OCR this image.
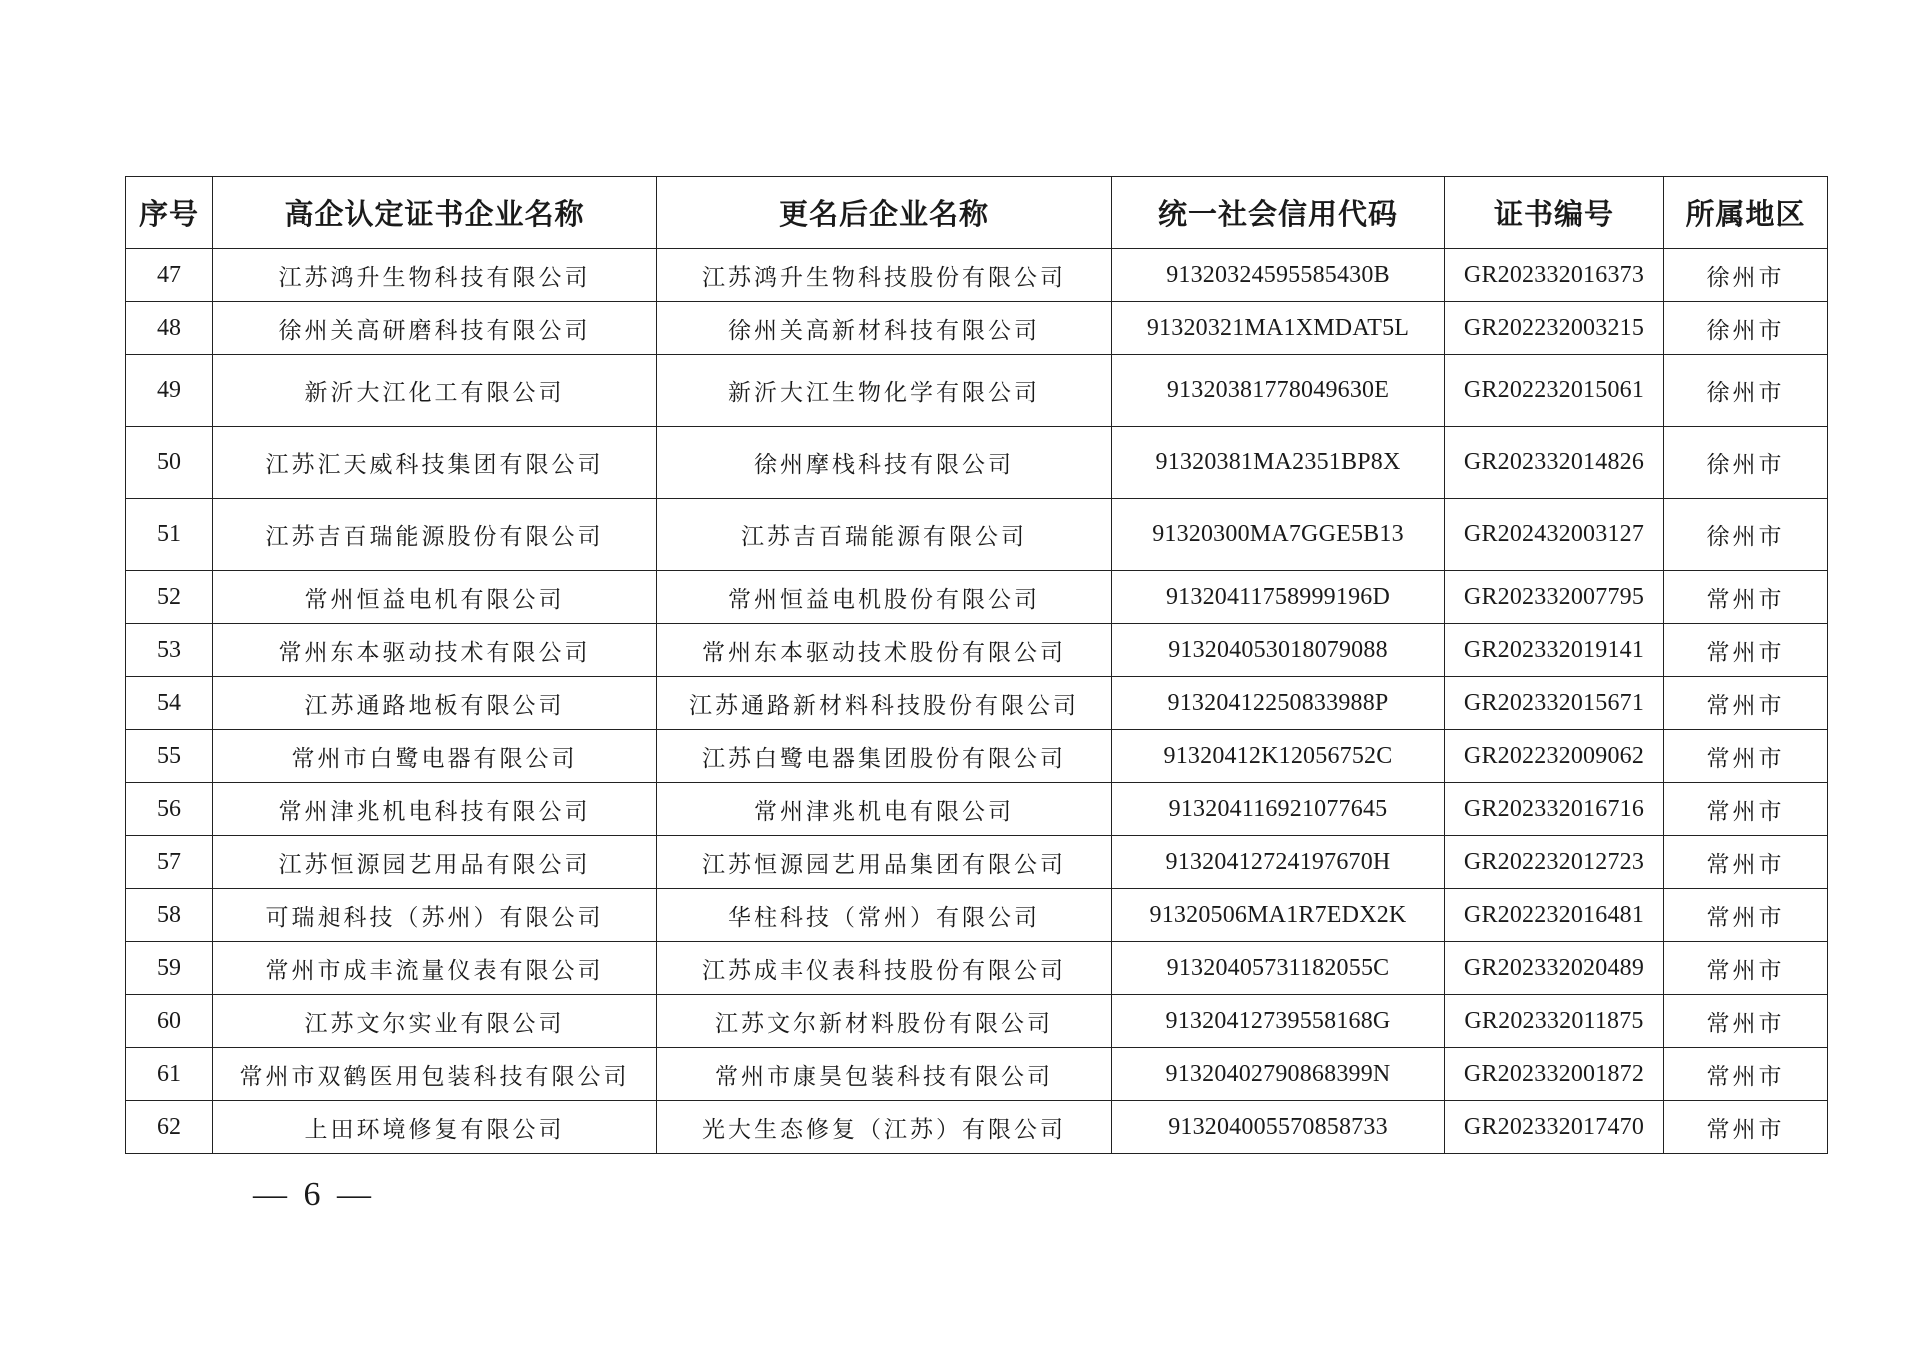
序号	高企认定证书企业名称	更名后企业名称	统一社会信用代码	证书编号	所属地区
47	江苏鸿升生物科技有限公司	江苏鸿升生物科技股份有限公司	91320324595585430B	GR202332016373	徐州市
48	徐州关高研磨科技有限公司	徐州关高新材科技有限公司	91320321MA1XMDAT5L	GR202232003215	徐州市
49	新沂大江化工有限公司	新沂大江生物化学有限公司	91320381778049630E	GR202232015061	徐州市
50	江苏汇天威科技集团有限公司	徐州摩栈科技有限公司	91320381MA2351BP8X	GR202332014826	徐州市
51	江苏吉百瑞能源股份有限公司	江苏吉百瑞能源有限公司	91320300MA7GGE5B13	GR202432003127	徐州市
52	常州恒益电机有限公司	常州恒益电机股份有限公司	91320411758999196D	GR202332007795	常州市
53	常州东本驱动技术有限公司	常州东本驱动技术股份有限公司	913204053018079088	GR202332019141	常州市
54	江苏通路地板有限公司	江苏通路新材料科技股份有限公司	91320412250833988P	GR202332015671	常州市
55	常州市白鹭电器有限公司	江苏白鹭电器集团股份有限公司	91320412K12056752C	GR202232009062	常州市
56	常州津兆机电科技有限公司	常州津兆机电有限公司	913204116921077645	GR202332016716	常州市
57	江苏恒源园艺用品有限公司	江苏恒源园艺用品集团有限公司	91320412724197670H	GR202232012723	常州市
58	可瑞昶科技（苏州）有限公司	华柱科技（常州）有限公司	91320506MA1R7EDX2K	GR202232016481	常州市
59	常州市成丰流量仪表有限公司	江苏成丰仪表科技股份有限公司	91320405731182055C	GR202332020489	常州市
60	江苏文尔实业有限公司	江苏文尔新材料股份有限公司	91320412739558168G	GR202332011875	常州市
61	常州市双鹤医用包装科技有限公司	常州市康昊包装科技有限公司	91320402790868399N	GR202332001872	常州市
62	上田环境修复有限公司	光大生态修复（江苏）有限公司	913204005570858733	GR202332017470	常州市
— 6 —
